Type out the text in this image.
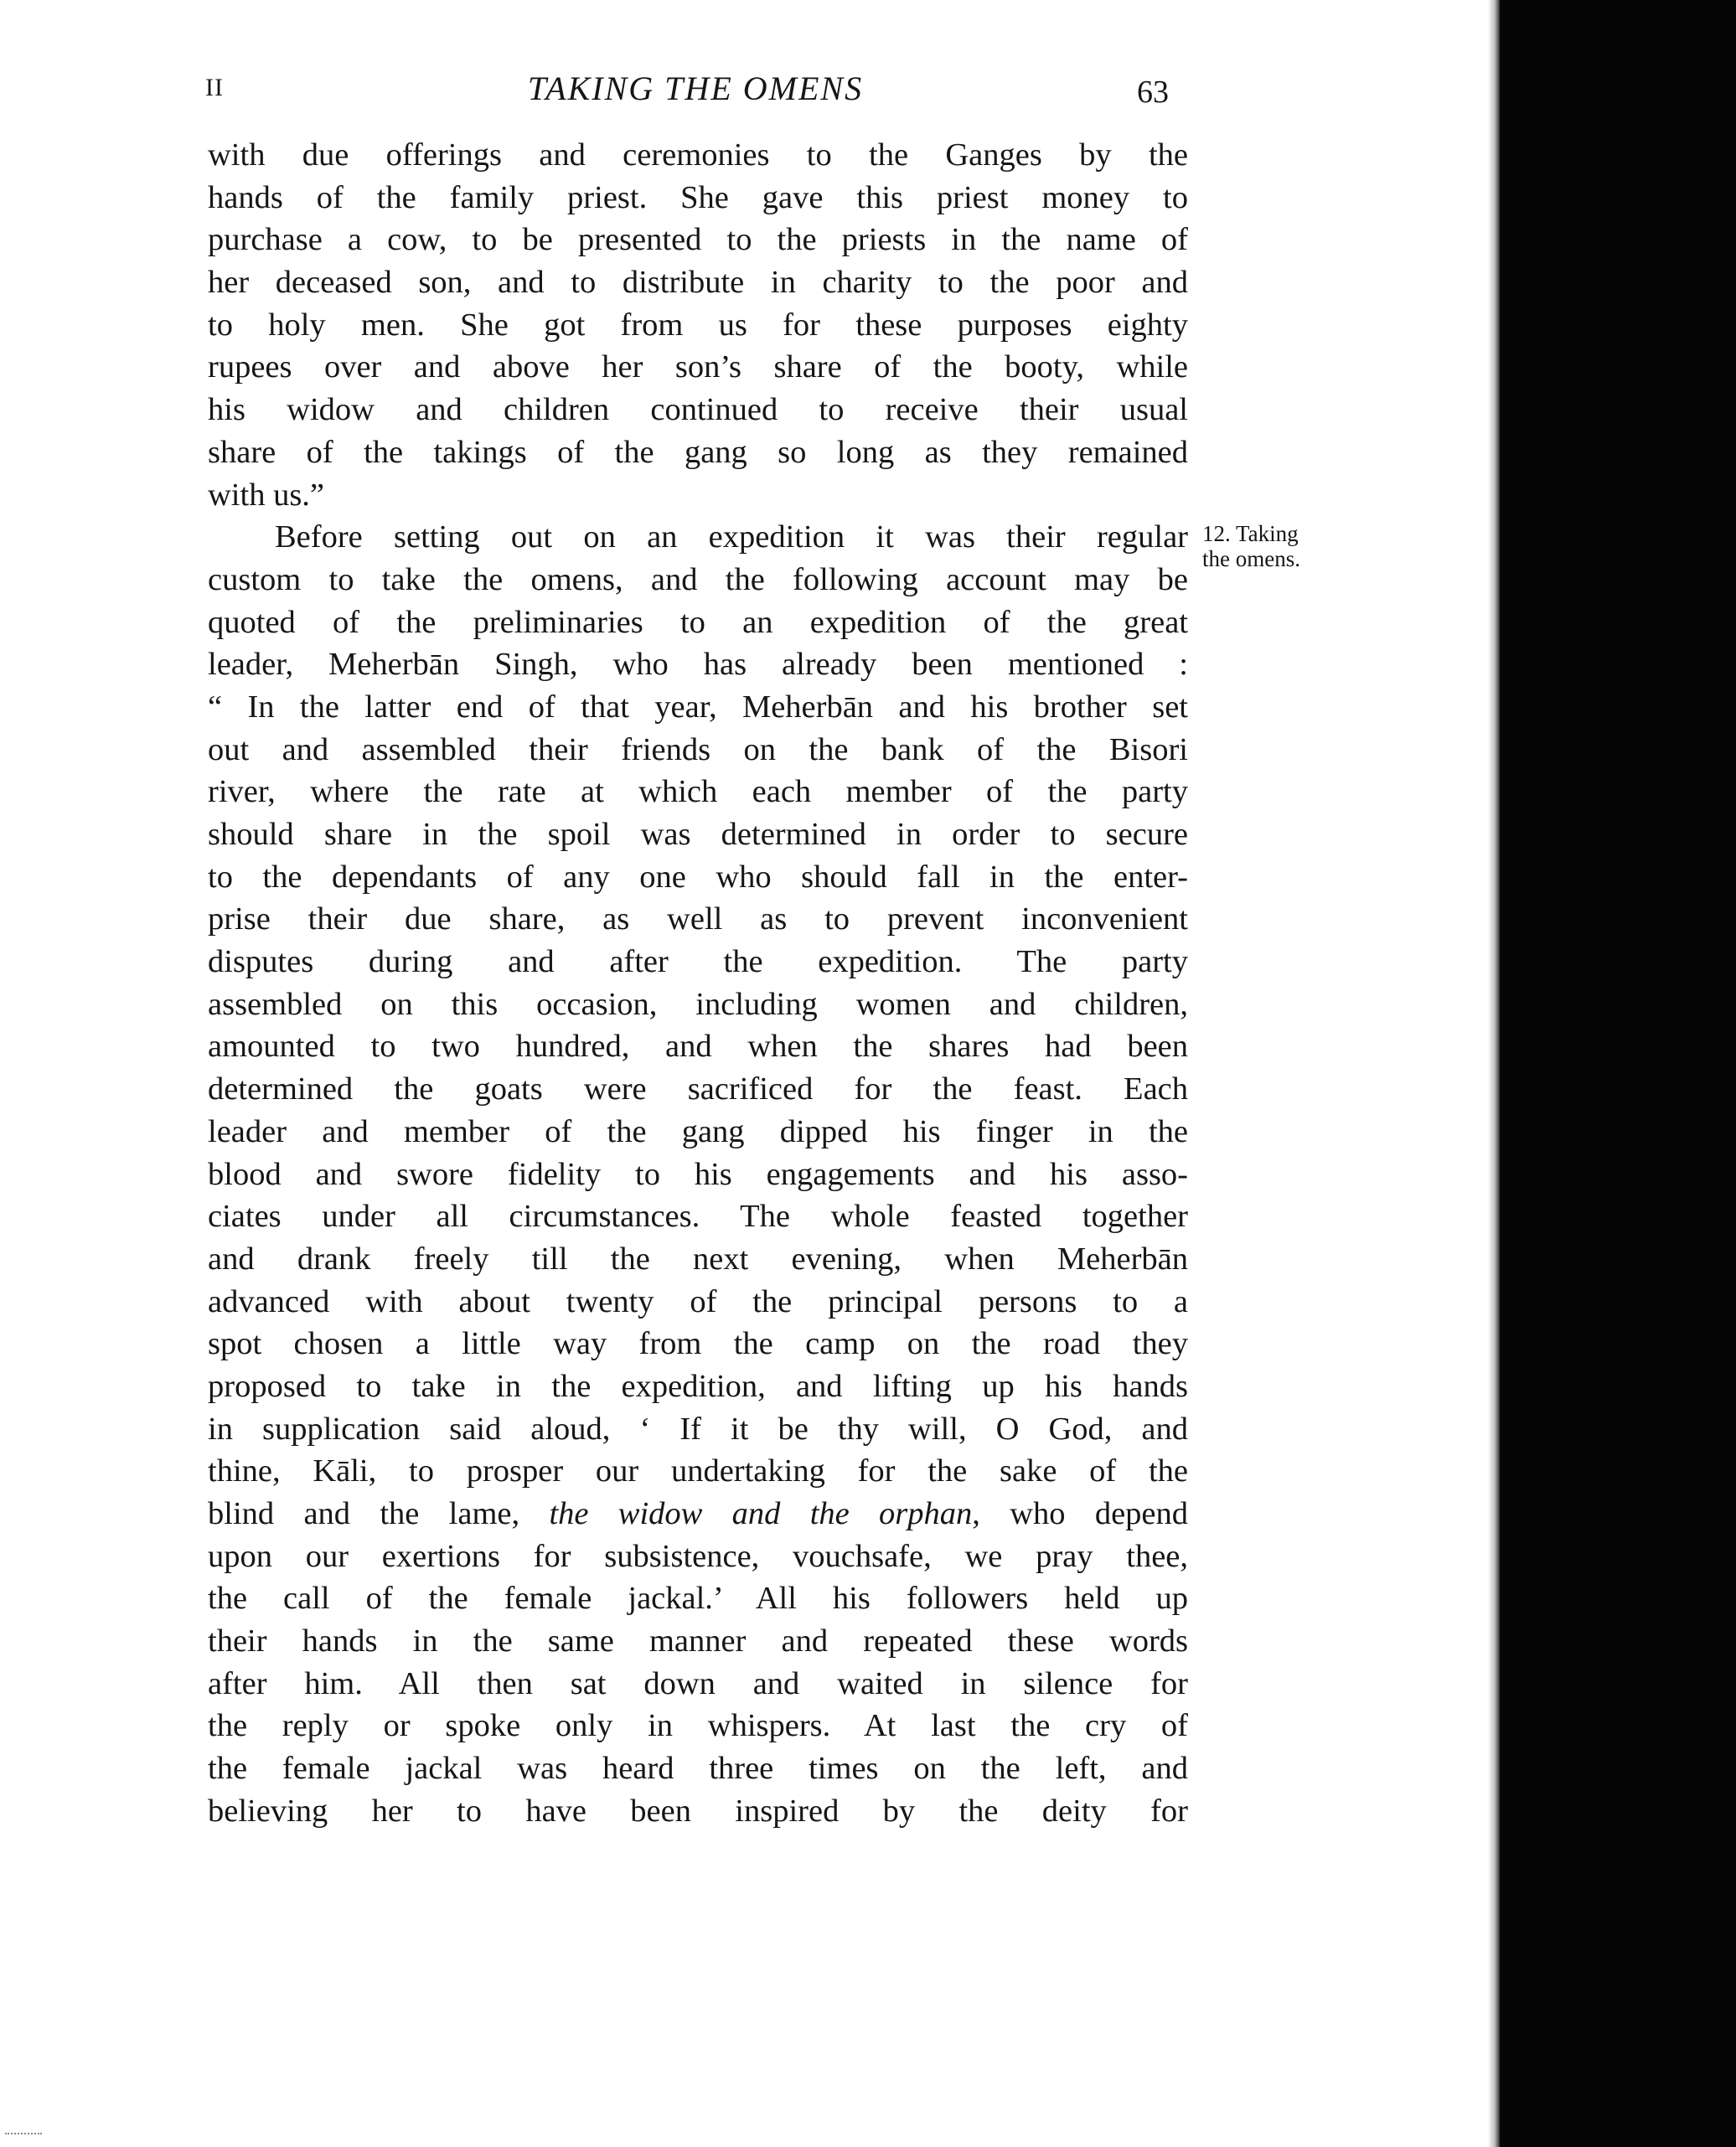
II	TAKING THE OMENS	63
with due offerings and ceremonies to the Ganges by the
hands of the family priest. She gave this priest money to
purchase a cow, to be presented to the priests in the name of
her deceased son, and to distribute in charity to the poor and
to holy men. She got from us for these purposes eighty
rupees over and above her son’s share of the booty, while
his widow and children continued to receive their usual
share of the takings of the gang so long as they remained
with us.”
Before setting out on an expedition it was their regular
custom to take the omens, and the following account may be
quoted of the preliminaries to an expedition of the great
leader, Meherbān Singh, who has already been mentioned :
“ In the latter end of that year, Meherbān and his brother set
out and assembled their friends on the bank of the Bisori
river, where the rate at which each member of the party
should share in the spoil was determined in order to secure
to the dependants of any one who should fall in the enter-
prise their due share, as well as to prevent inconvenient
disputes during and after the expedition. The party
assembled on this occasion, including women and children,
amounted to two hundred, and when the shares had been
determined the goats were sacrificed for the feast. Each
leader and member of the gang dipped his finger in the
blood and swore fidelity to his engagements and his asso-
ciates under all circumstances. The whole feasted together
and drank freely till the next evening, when Meherbān
advanced with about twenty of the principal persons to a
spot chosen a little way from the camp on the road they
proposed to take in the expedition, and lifting up his hands
in supplication said aloud, ‘ If it be thy will, O God, and
thine, Kāli, to prosper our undertaking for the sake of the
blind and the lame, the widow and the orphan, who depend
upon our exertions for subsistence, vouchsafe, we pray thee,
the call of the female jackal.’ All his followers held up
their hands in the same manner and repeated these words
after him. All then sat down and waited in silence for
the reply or spoke only in whispers. At last the cry of
the female jackal was heard three times on the left, and
believing her to have been inspired by the deity for
12. Taking
the omens.
